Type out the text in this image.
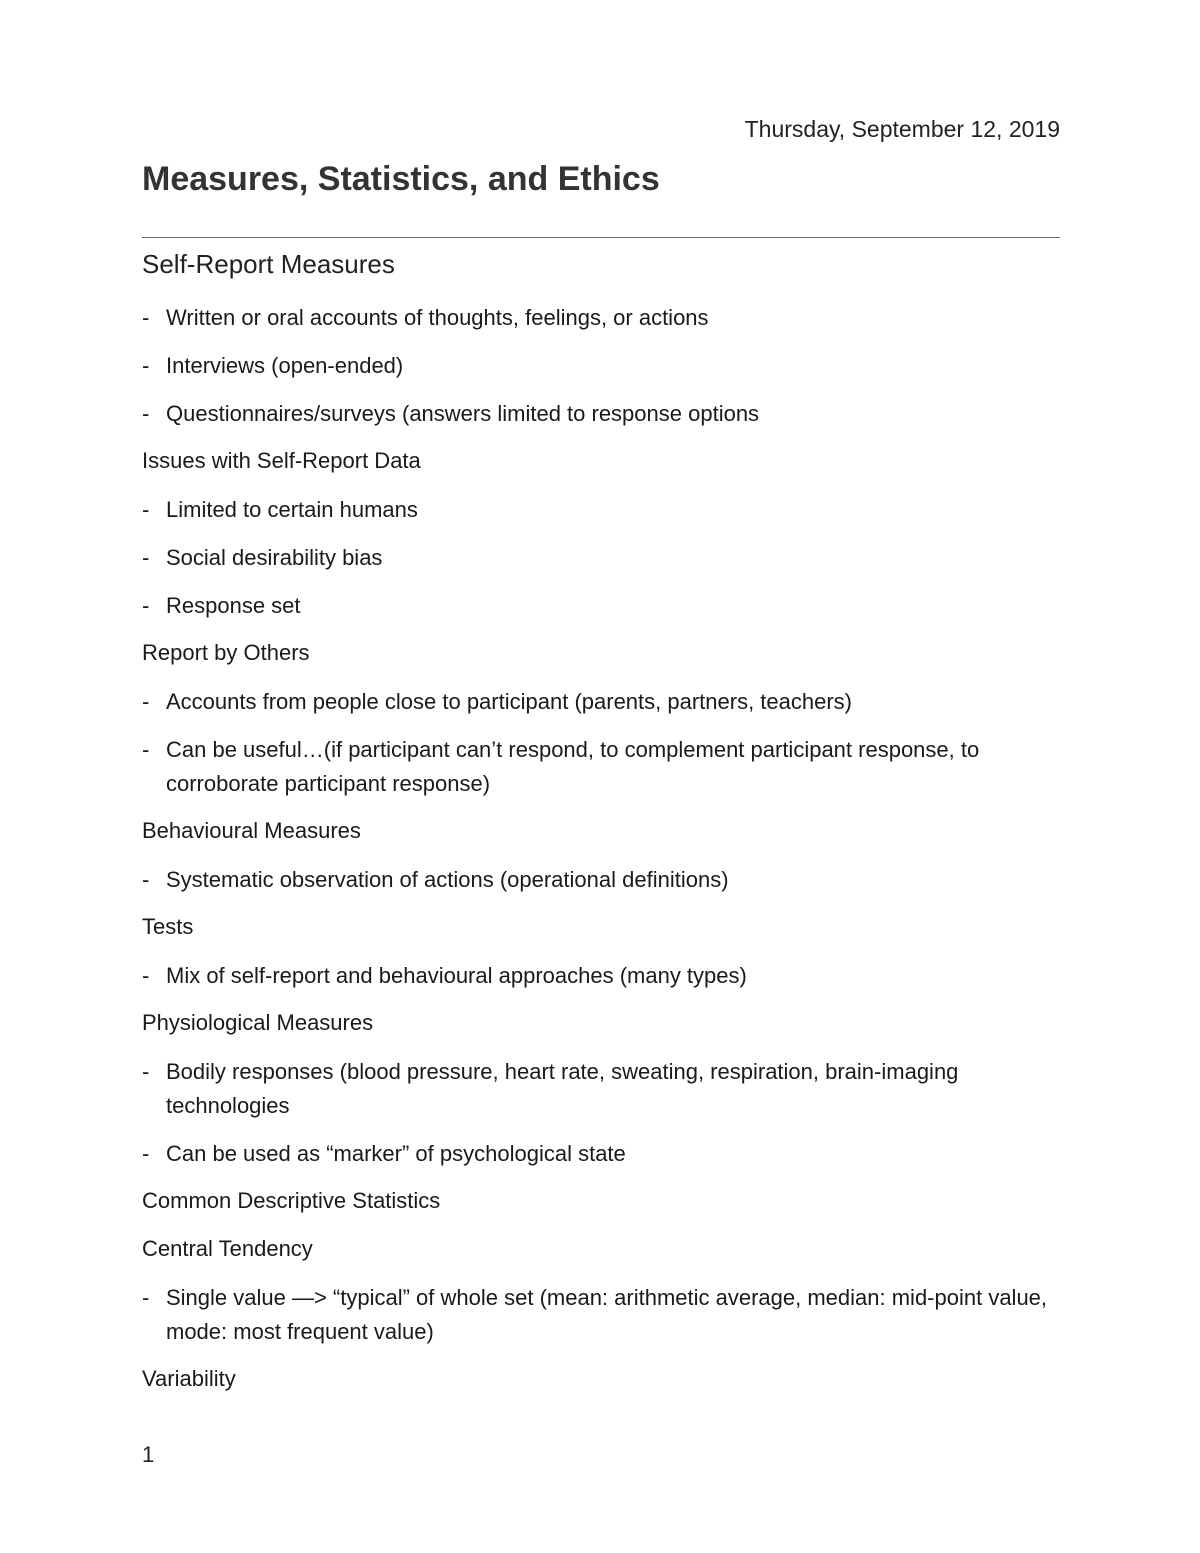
Thursday, September 12, 2019
Measures, Statistics, and Ethics
Self-Report Measures
- Written or oral accounts of thoughts, feelings, or actions
- Interviews (open-ended)
- Questionnaires/surveys (answers limited to response options
Issues with Self-Report Data
- Limited to certain humans
- Social desirability bias
- Response set
Report by Others
- Accounts from people close to participant (parents, partners, teachers)
- Can be useful…(if participant can’t respond, to complement participant response, to corroborate participant response)
Behavioural Measures
- Systematic observation of actions (operational definitions)
Tests
- Mix of self-report and behavioural approaches (many types)
Physiological Measures
- Bodily responses (blood pressure, heart rate, sweating, respiration, brain-imaging technologies
- Can be used as “marker” of psychological state
Common Descriptive Statistics
Central Tendency
- Single value —> “typical” of whole set (mean: arithmetic average, median: mid-point value, mode: most frequent value)
Variability
1
